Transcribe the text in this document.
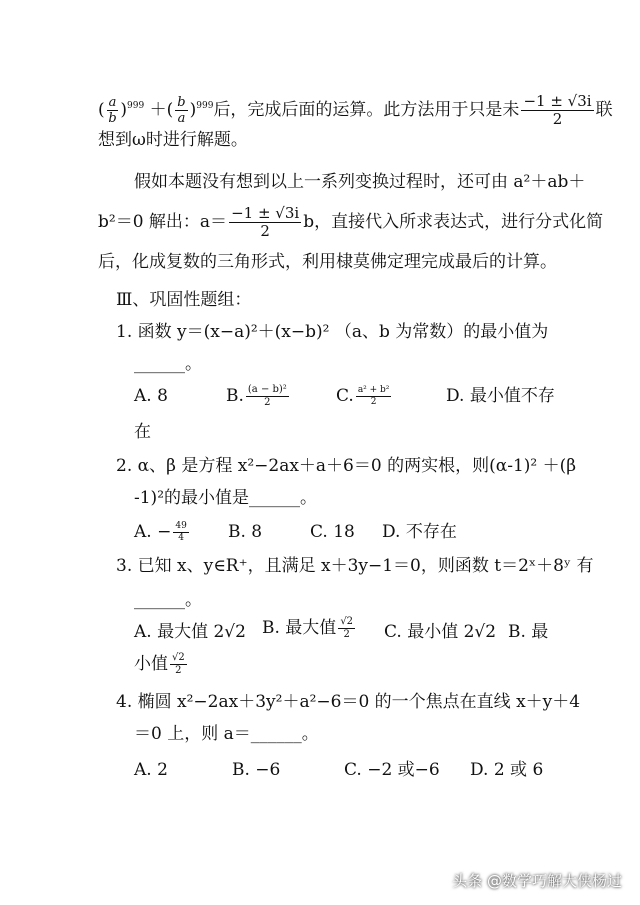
( $\frac{a}{b} )^{999}$ ＋( $\frac{b}{a} )^{999}$后，完成后面的运算。此方法用于只是未 $\frac{-1 \pm √3i}{2}$ 联
想到ω时进行解题。
假如本题没有想到以上一系列变换过程时，还可由 a²＋ab＋
b²＝0 解出：$a= \frac{-1 \pm √3i}{2}$ b，直接代入所求表达式，进行分式化简
后，化成复数的三角形式，利用棣莫佛定理完成最后的计算。
Ⅲ、巩固性题组：
1. 函数 y＝(x−a)²＋(x−b)² （a、b 为常数）的最小值为
______。
A. 8	B. $\frac{\text{(a − b)²}}{2}$	C. $\frac{\text{a² + b²}}{2}$	D. 最小值不存
在
2. α、β 是方程 x²−2ax＋a＋6＝0 的两实根，则(α-1)² ＋(β
-1)²的最小值是______。
A. − $\frac{49}{4} B$. 8	C. 18 D. 不存在
3. 已知 x、y∈R⁺，且满足 x＋3y−1＝0，则函数 t＝2ˣ＋8ʸ 有
______。
A. 最大值 2√2 B. 最大值 $\frac{√2}{2} C$. 最小值 2√2 B. 最
小值 $\frac{√2}{2}$
4. 椭圆 x²−2ax＋3y²＋a²−6＝0 的一个焦点在直线 x＋y＋4
＝0 上，则 a＝______。
A. 2	B. −6	C. −2 或−6 D. 2 或 6
头条 @数学巧解大侠杨过
